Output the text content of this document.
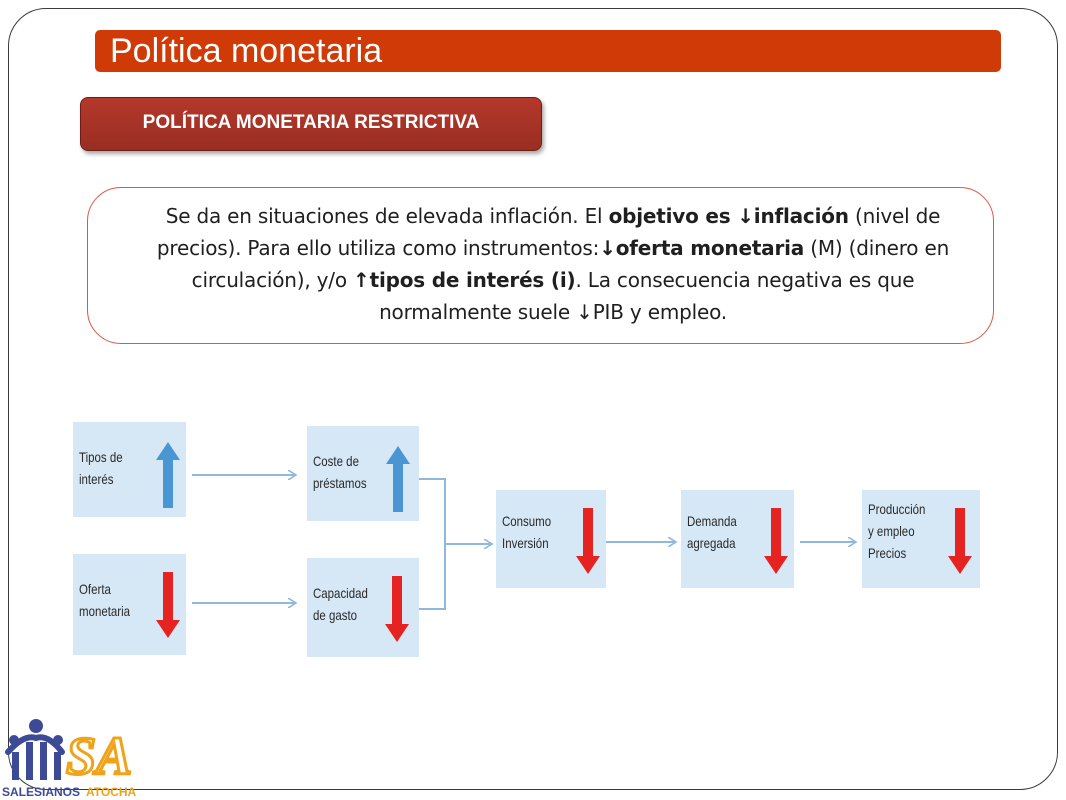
Política monetaria
POLÍTICA MONETARIA RESTRICTIVA

Se da en situaciones de elevada inflación. El objetivo es ↓inflación (nivel de precios). Para ello utiliza como instrumentos:↓oferta monetaria (M) (dinero en circulación), y/o ↑tipos de interés (i). La consecuencia negativa es que normalmente suele ↓PIB y empleo.

Tipos de
interés
Oferta
monetaria
Coste de
préstamos
Capacidad
de gasto
Consumo
Inversión
Demanda
agregada
Producción
y empleo
Precios
SA
SALESIANOS ATOCHA
